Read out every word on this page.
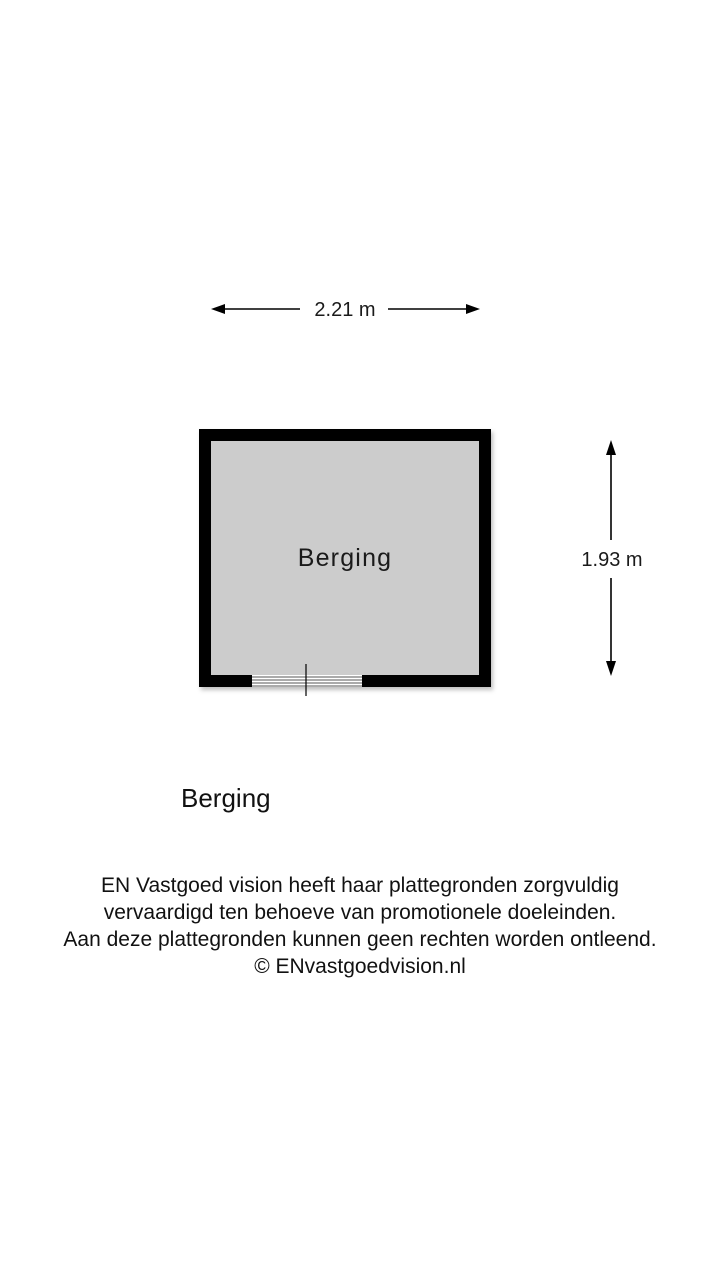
2.21 m
1.93 m
Berging
Berging
EN Vastgoed vision heeft haar plattegronden zorgvuldig
vervaardigd ten behoeve van promotionele doeleinden.
Aan deze plattegronden kunnen geen rechten worden ontleend.
© ENvastgoedvision.nl
